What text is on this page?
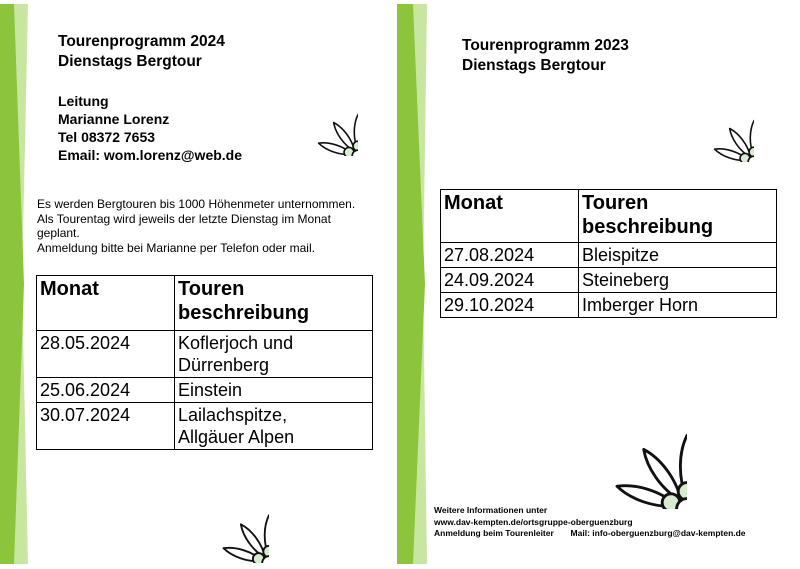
Tourenprogramm 2024
Dienstags Bergtour
Leitung
Marianne Lorenz
Tel 08372 7653
Email: wom.lorenz@web.de
Es werden Bergtouren bis 1000 Höhenmeter unternommen.
Als Tourentag wird jeweils der letzte Dienstag im Monat
geplant.
Anmeldung bitte bei Marianne per Telefon oder mail.
Monat	Touren
beschreibung

28.05.2024	Koflerjoch und
Dürrenberg

25.06.2024	Einstein
30.07.2024	Lailachspitze,
Allgäuer Alpen
Tourenprogramm 2023
Dienstags Bergtour
Monat	Touren
beschreibung

27.08.2024	Bleispitze
24.09.2024	Steineberg
29.10.2024	Imberger Horn
Weitere Informationen unter
www.dav-kempten.de/ortsgruppe-oberguenzburg
Anmeldung beim Tourenleiter Mail: info-oberguenzburg@dav-kempten.de
